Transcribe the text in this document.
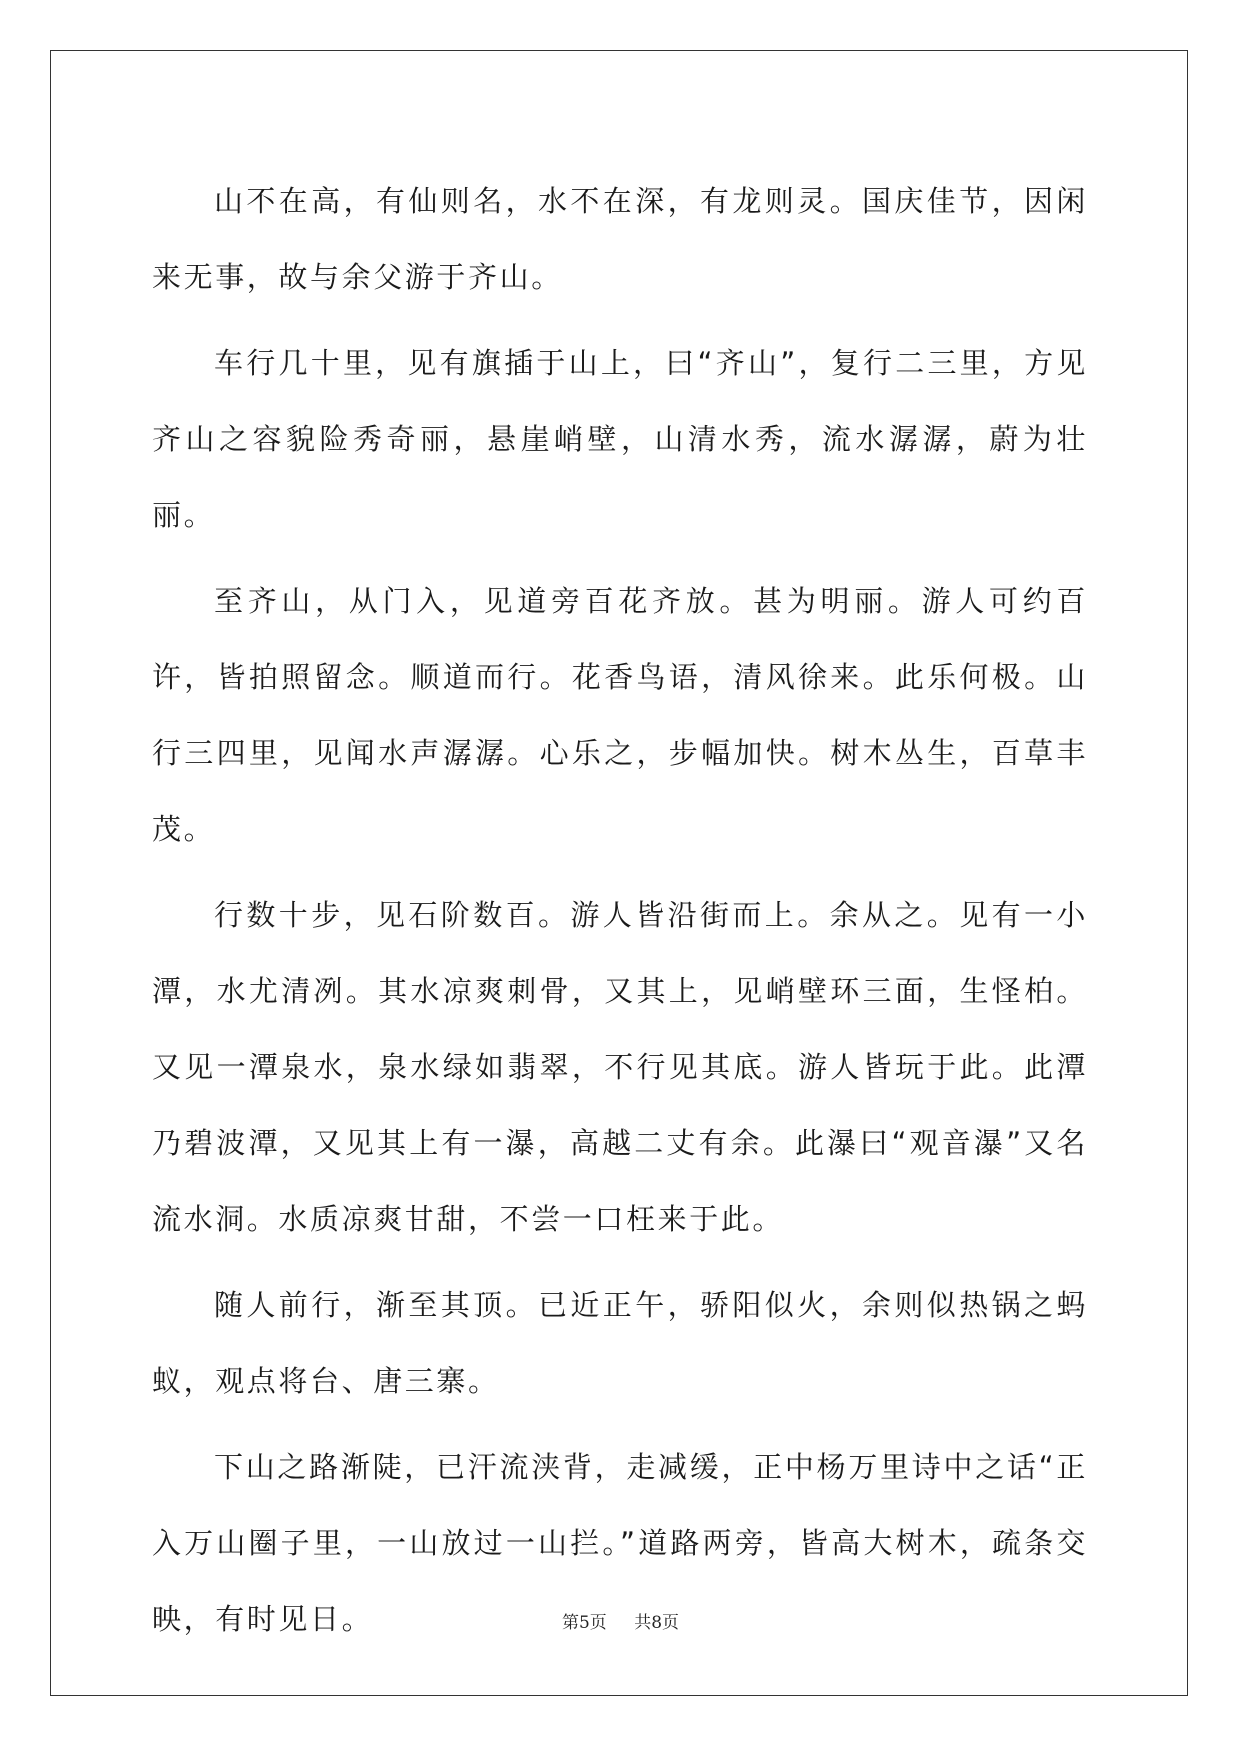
山不在高，有仙则名，水不在深，有龙则灵。国庆佳节，因闲来无事，故与余父游于齐山。

车行几十里，见有旗插于山上，曰“齐山”，复行二三里，方见齐山之容貌险秀奇丽，悬崖峭壁，山清水秀，流水潺潺，蔚为壮丽。

至齐山，从门入，见道旁百花齐放。甚为明丽。游人可约百许，皆拍照留念。顺道而行。花香鸟语，清风徐来。此乐何极。山行三四里，见闻水声潺潺。心乐之，步幅加快。树木丛生，百草丰茂。

行数十步，见石阶数百。游人皆沿街而上。余从之。见有一小潭，水尤清冽。其水凉爽刺骨，又其上，见峭壁环三面，生怪柏。又见一潭泉水，泉水绿如翡翠，不行见其底。游人皆玩于此。此潭乃碧波潭，又见其上有一瀑，高越二丈有余。此瀑曰“观音瀑”又名流水洞。水质凉爽甘甜，不尝一口枉来于此。

随人前行，渐至其顶。已近正午，骄阳似火，余则似热锅之蚂蚁，观点将台、唐三寨。

下山之路渐陡，已汗流浃背，走减缓，正中杨万里诗中之话“正入万山圈子里，一山放过一山拦。”道路两旁，皆高大树木，疏条交映，有时见日。	第5页 共8页
